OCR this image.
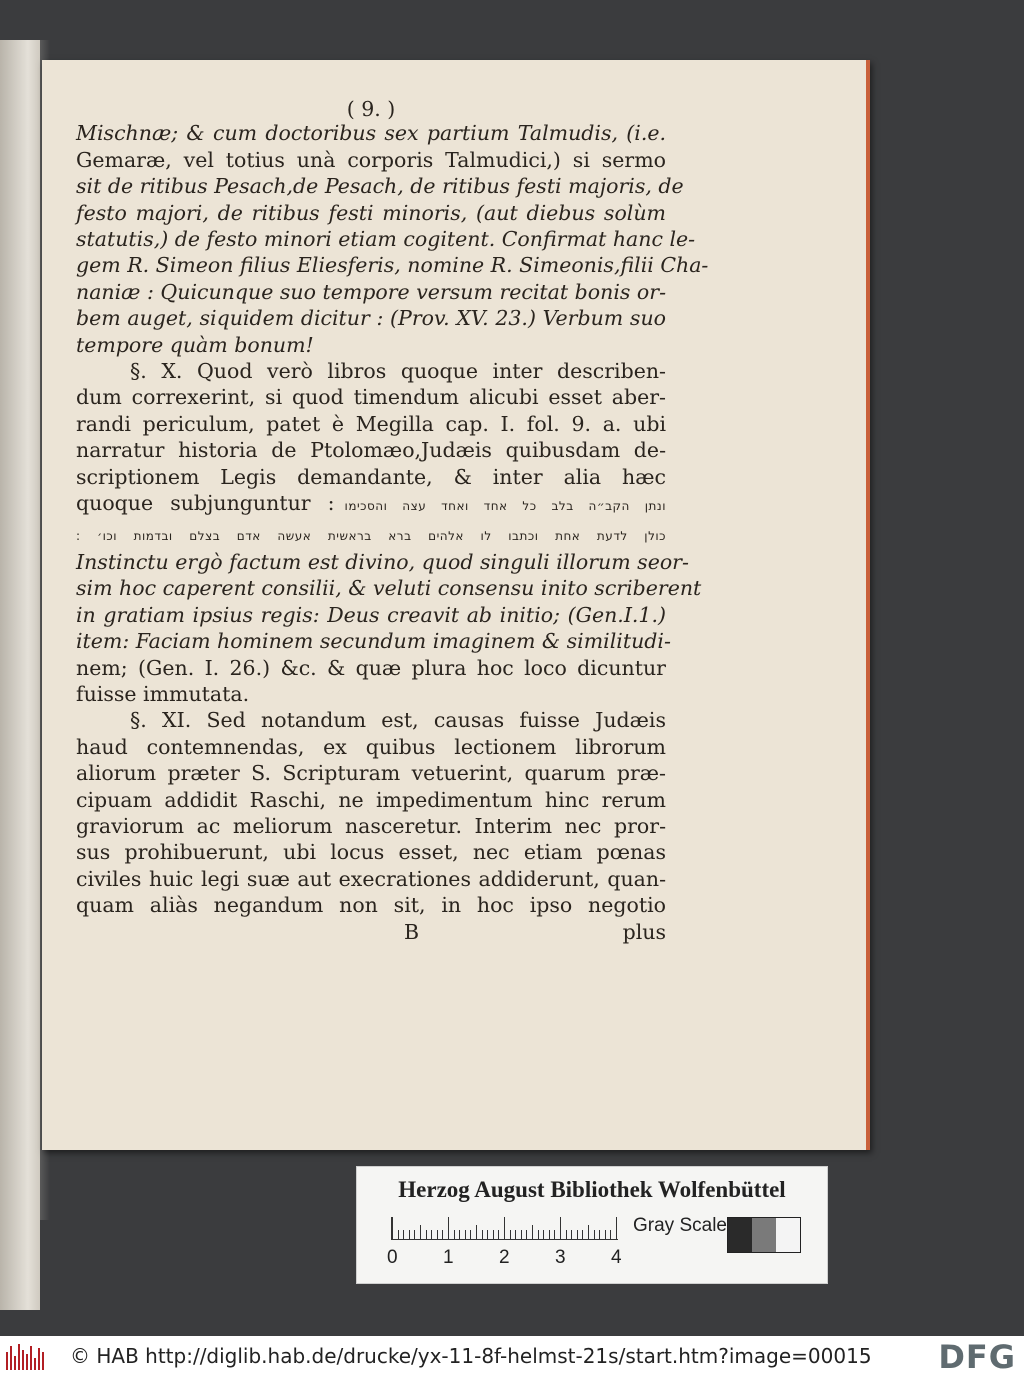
( 9. )
Mischnæ; & cum doctoribus sex partium Talmudis, (i.e.
Gemaræ, vel totius unà corporis Talmudici,) si sermo
sit de ritibus Pesach,de Pesach, de ritibus festi majoris, de
festo majori, de ritibus festi minoris, (aut diebus solùm
statutis,) de festo minori etiam cogitent. Confirmat hanc le-
gem R. Simeon filius Eliesferis, nomine R. Simeonis,filii Cha-
naniæ : Quicunque suo tempore versum recitat bonis or-
bem auget, siquidem dicitur : (Prov. XV. 23.) Verbum suo
tempore quàm bonum!
§. X. Quod verò libros quoque inter describen-
dum correxerint, si quod timendum alicubi esset aber-
randi periculum, patet è Megilla cap. I. fol. 9. a. ubi
narratur historia de Ptolomæo,Judæis quibusdam de-
scriptionem Legis demandante, & inter alia hæc
quoque subjunguntur : ונתן הקב״ה בלב כל אחד ואחד עצה והסכימו
כולן לדעת אחת וכתבו לו אלהים ברא בראשית אעשה אדם בצלם ובדמות וכו׳ :
Instinctu ergò factum est divino, quod singuli illorum seor-
sim hoc caperent consilii, & veluti consensu inito scriberent
in gratiam ipsius regis: Deus creavit ab initio; (Gen.I.1.)
item: Faciam hominem secundum imaginem & similitudi-
nem; (Gen. I. 26.) &c. & quæ plura hoc loco dicuntur
fuisse immutata.
§. XI. Sed notandum est, causas fuisse Judæis
haud contemnendas, ex quibus lectionem librorum
aliorum præter S. Scripturam vetuerint, quarum præ-
cipuam addidit Raschi, ne impedimentum hinc rerum
graviorum ac meliorum nasceretur. Interim nec pror-
sus prohibuerunt, ubi locus esset, nec etiam pœnas
civiles huic legi suæ aut execrationes addiderunt, quan-
quam aliàs negandum non sit, in hoc ipso negotio
B	plus
Herzog August Bibliothek Wolfenbüttel
0 1 2 3 4
Gray Scale
© HAB http://diglib.hab.de/drucke/yx-11-8f-helmst-21s/start.htm?image=00015 DFG
